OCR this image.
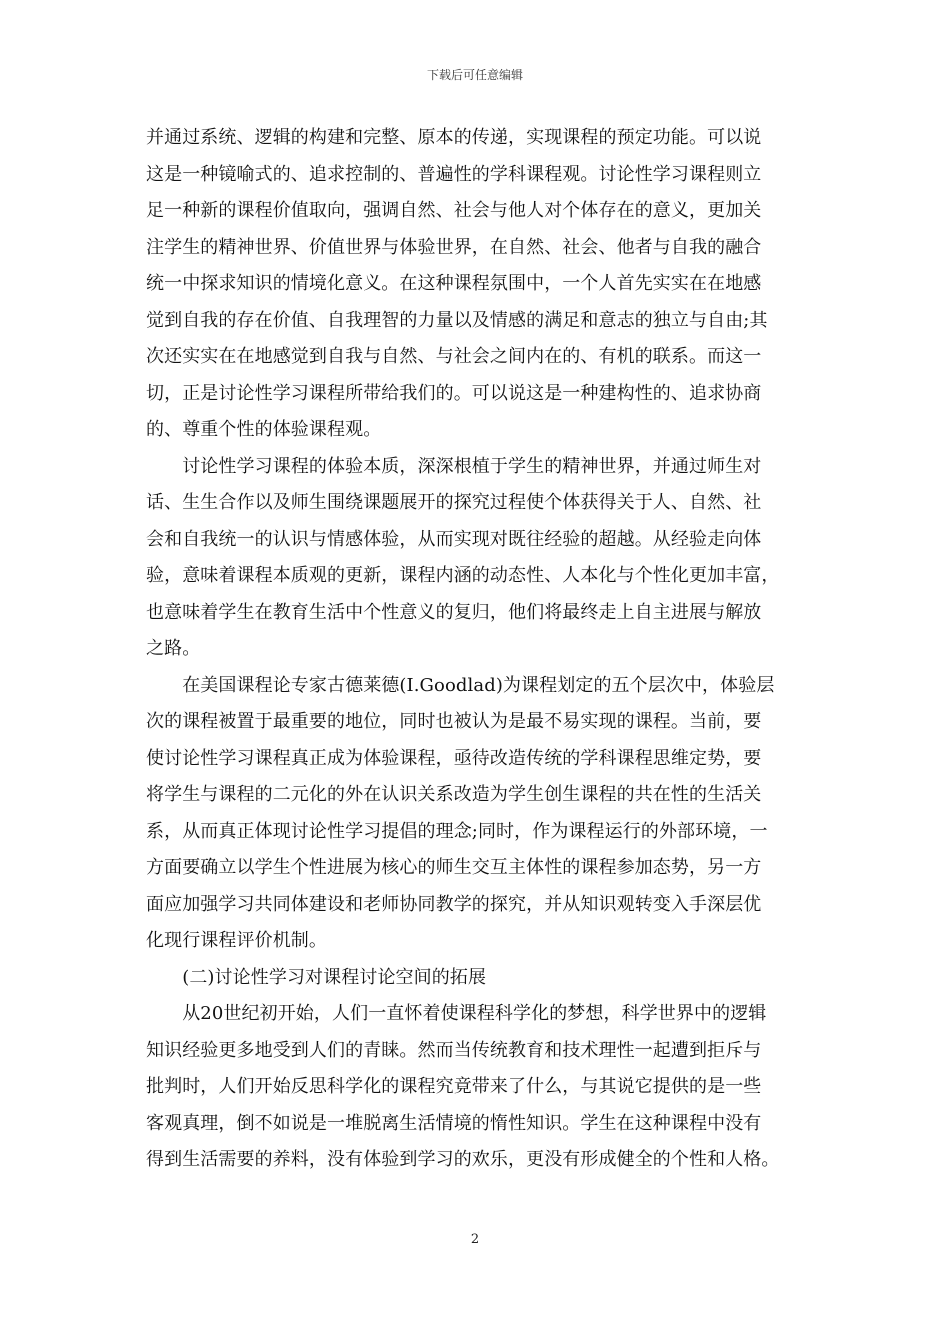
下载后可任意编辑
并通过系统、逻辑的构建和完整、原本的传递，实现课程的预定功能。可以说
这是一种镜喻式的、追求控制的、普遍性的学科课程观。讨论性学习课程则立
足一种新的课程价值取向，强调自然、社会与他人对个体存在的意义，更加关
注学生的精神世界、价值世界与体验世界，在自然、社会、他者与自我的融合
统一中探求知识的情境化意义。在这种课程氛围中，一个人首先实实在在地感
觉到自我的存在价值、自我理智的力量以及情感的满足和意志的独立与自由;其
次还实实在在地感觉到自我与自然、与社会之间内在的、有机的联系。而这一
切，正是讨论性学习课程所带给我们的。可以说这是一种建构性的、追求协商
的、尊重个性的体验课程观。
　　讨论性学习课程的体验本质，深深根植于学生的精神世界，并通过师生对
话、生生合作以及师生围绕课题展开的探究过程使个体获得关于人、自然、社
会和自我统一的认识与情感体验，从而实现对既往经验的超越。从经验走向体
验，意味着课程本质观的更新，课程内涵的动态性、人本化与个性化更加丰富，
也意味着学生在教育生活中个性意义的复归，他们将最终走上自主进展与解放
之路。
　　在美国课程论专家古德莱德(I.Goodlad)为课程划定的五个层次中，体验层
次的课程被置于最重要的地位，同时也被认为是最不易实现的课程。当前，要
使讨论性学习课程真正成为体验课程，亟待改造传统的学科课程思维定势，要
将学生与课程的二元化的外在认识关系改造为学生创生课程的共在性的生活关
系，从而真正体现讨论性学习提倡的理念;同时，作为课程运行的外部环境，一
方面要确立以学生个性进展为核心的师生交互主体性的课程参加态势，另一方
面应加强学习共同体建设和老师协同教学的探究，并从知识观转变入手深层优
化现行课程评价机制。
　　(二)讨论性学习对课程讨论空间的拓展
　　从20世纪初开始，人们一直怀着使课程科学化的梦想，科学世界中的逻辑
知识经验更多地受到人们的青睐。然而当传统教育和技术理性一起遭到拒斥与
批判时，人们开始反思科学化的课程究竟带来了什么，与其说它提供的是一些
客观真理，倒不如说是一堆脱离生活情境的惰性知识。学生在这种课程中没有
得到生活需要的养料，没有体验到学习的欢乐，更没有形成健全的个性和人格。
2
